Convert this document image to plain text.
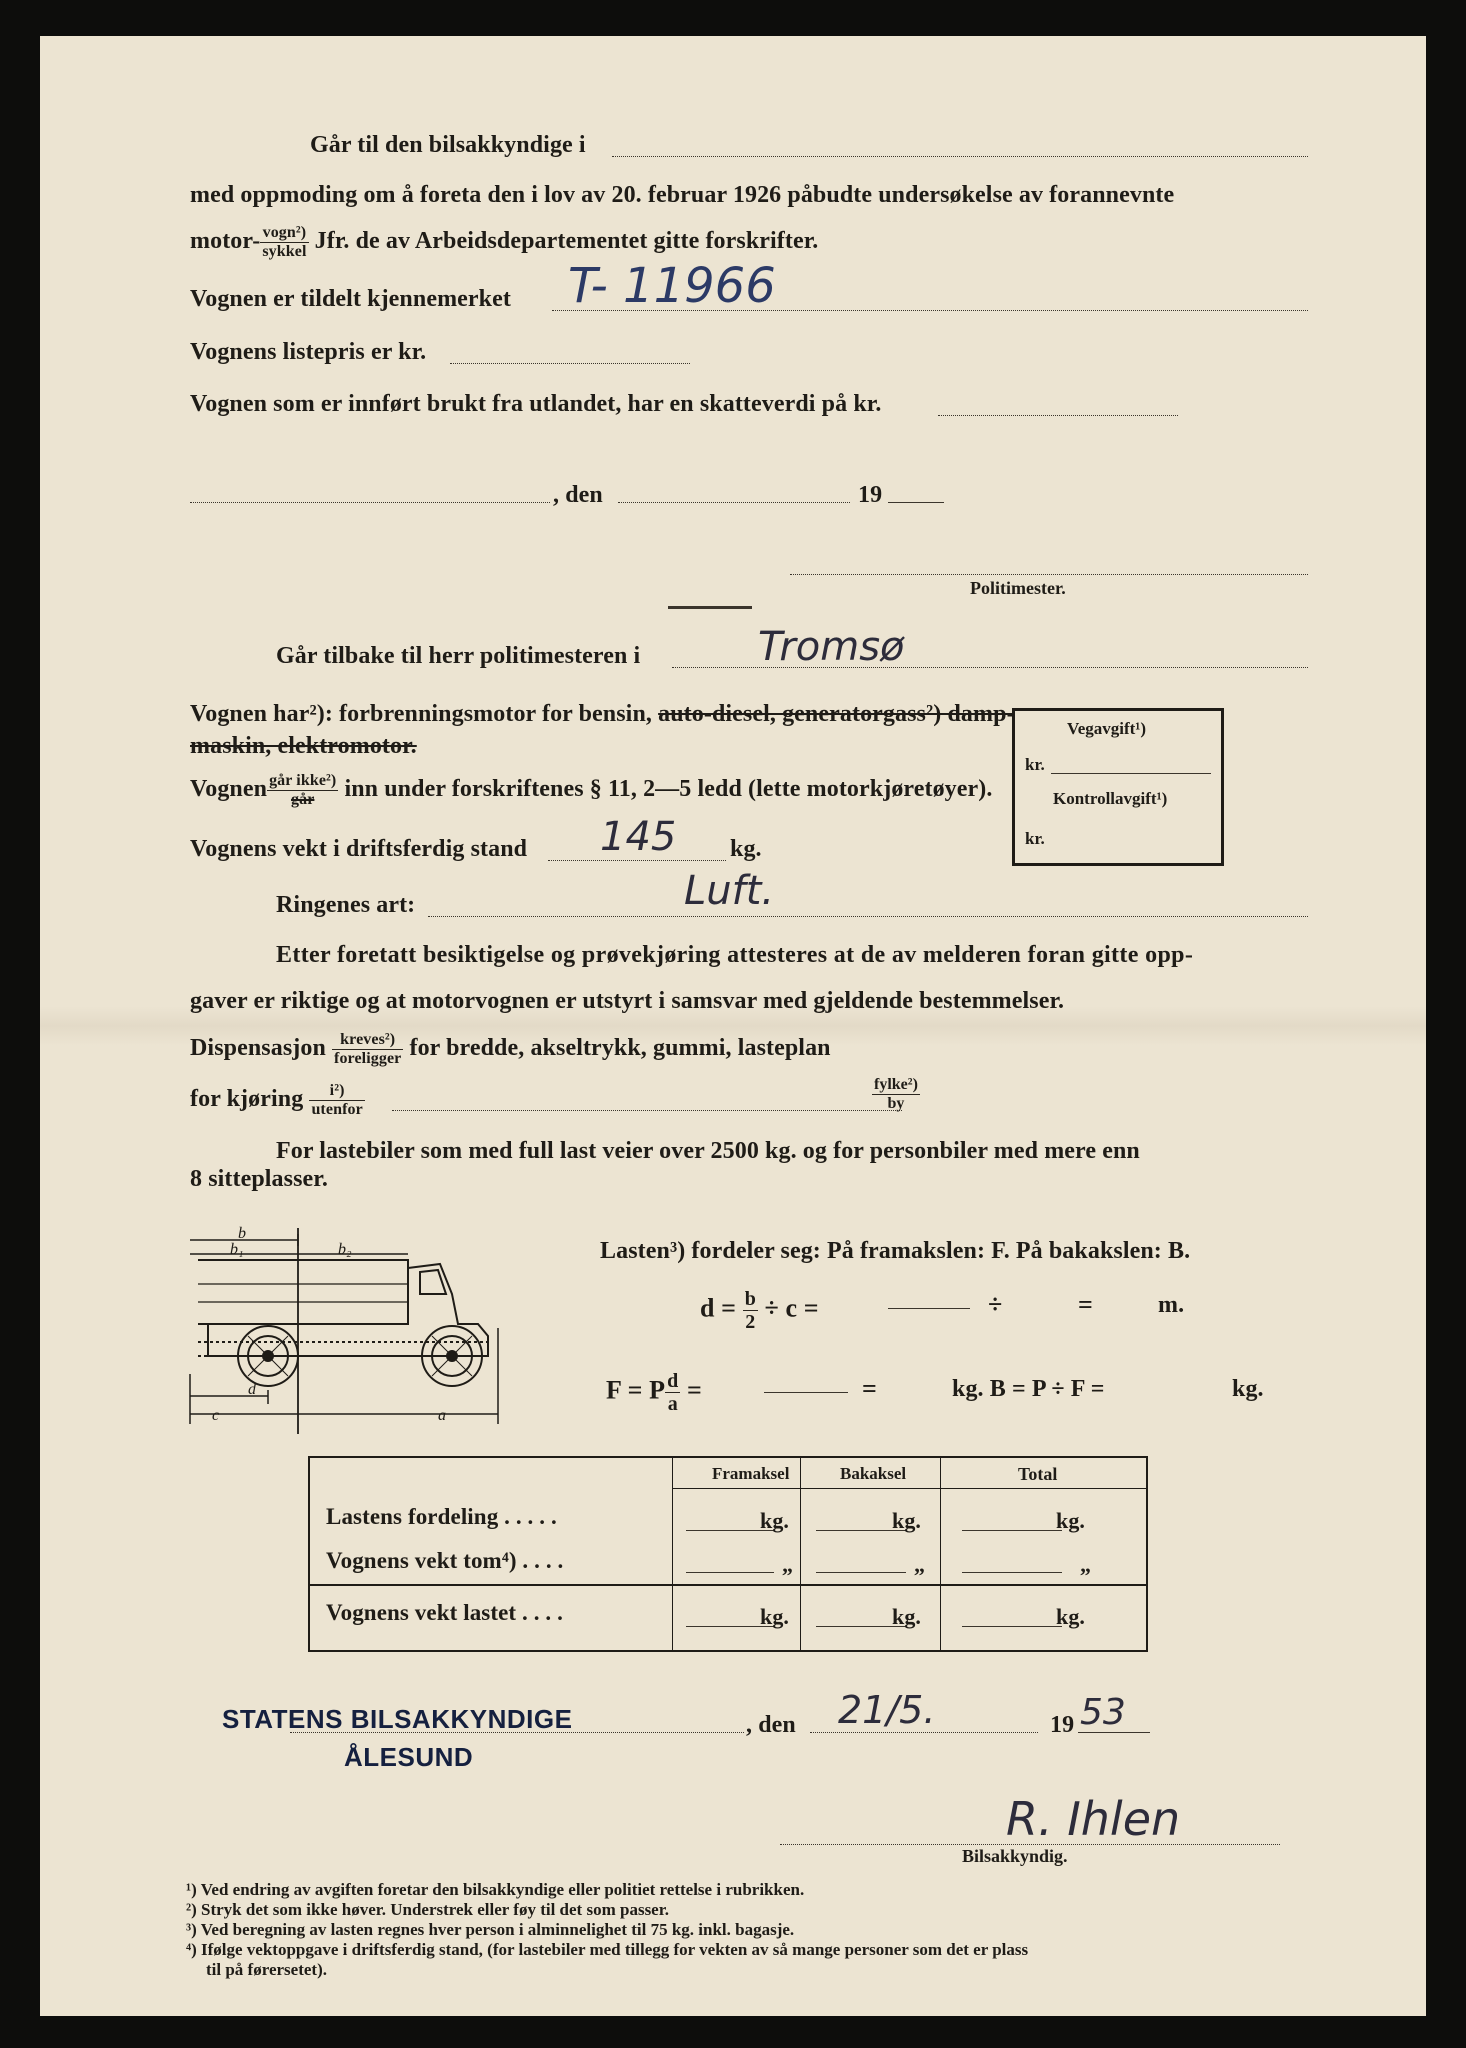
Går til den bilsakkyndige i
med oppmoding om å foreta den i lov av 20. februar 1926 påbudte undersøkelse av forannevnte
motor- $\frac{\text{vogn²)}}{\text{sykkel}}$ Jfr. de av Arbeidsdepartementet gitte forskrifter.
Vognen er tildelt kjennemerket T- 11966
Vognens listepris er kr.
Vognen som er innført brukt fra utlandet, har en skatteverdi på kr.
, den	19
Politimester.
Går tilbake til herr politimesteren i	Tromsø
Vognen har²): forbrenningsmotor for bensin, auto-diesel, generatorgass²) damp-
maskin, elektromotor.
Vognen $\frac{\text{går ikke²)}}{\text{går}}$ inn under forskriftenes § 11, 2—5 ledd (lette motorkjøretøyer).
Vognens vekt i driftsferdig stand 145 kg.
Ringenes art:	Luft.
Etter foretatt besiktigelse og prøvekjøring attesteres at de av melderen foran gitte opp-
gaver er riktige og at motorvognen er utstyrt i samsvar med gjeldende bestemmelser.
Dispensasjon $\frac{\text{kreves²)}}{\text{foreligger}}$ for bredde, akseltrykk, gummi, lasteplan
for kjøring $\frac{\text{i²)}}{\text{utenfor}}$	$\frac{\text{fylke²)}}{by}$
Vegavgift¹)
kr.
Kontrollavgift¹)
kr.
For lastebiler som med full last veier over 2500 kg. og for personbiler med mere enn
8 sitteplasser.
b
b₁	b₂
d
c	a
Lasten³) fordeler seg: På framakslen: F. På bakakslen: B.
$d = \frac{b}{2} \div c$ =	÷	=	m.
F = P $\frac{d}{a}$ =	=	kg. B = P ÷ F =	kg.
Framaksel	Bakaksel	Total
Lastens fordeling . . . . .	kg.	kg.	kg.
Vognens vekt tom⁴) . . . .	„	„	„
Vognens vekt lastet . . . .	kg.	kg.	kg.
STATENS BILSAKKYNDIGE
ÅLESUND
, den 21/5.	19 53
R. Ihlen
Bilsakkyndig.
¹) Ved endring av avgiften foretar den bilsakkyndige eller politiet rettelse i rubrikken.
²) Stryk det som ikke høver. Understrek eller føy til det som passer.
³) Ved beregning av lasten regnes hver person i alminnelighet til 75 kg. inkl. bagasje.
⁴) Ifølge vektoppgave i driftsferdig stand, (for lastebiler med tillegg for vekten av så mange personer som det er plass
til på førersetet).
